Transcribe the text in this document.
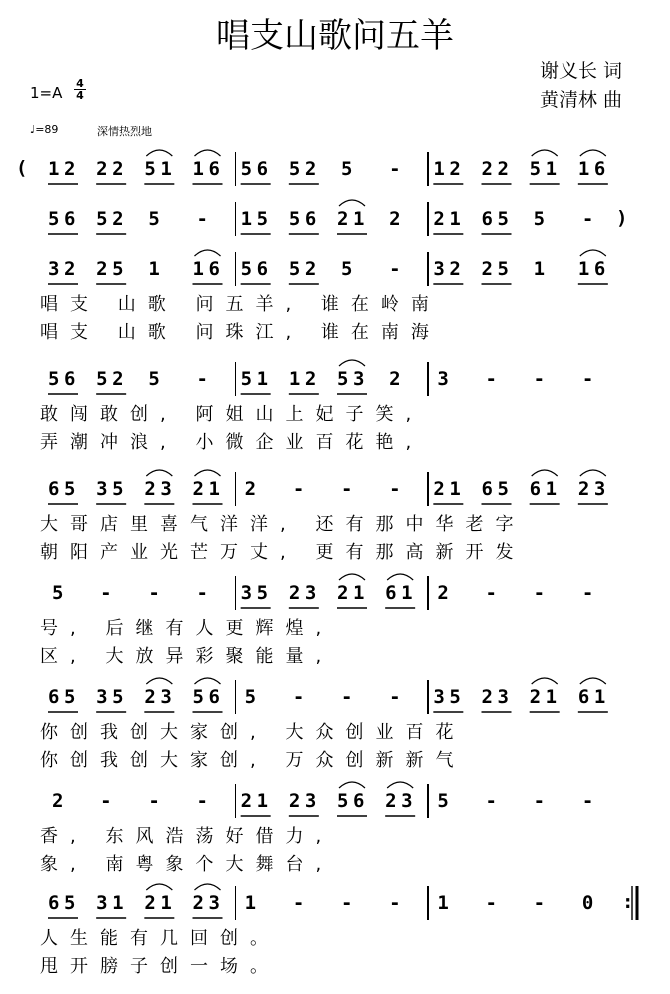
唱支山歌问五羊
谢义长 词
黄清林 曲
1=A
4
4
♩=89	深情热烈地
( 1 2 2 2 5 1 1 6 5 6 5 2 5 - 1 2 2 2 5 1 1 6
5 6 5 2 5 - 1 5 5 6 2 1 2 2 1 6 5 5 - )
3 2 2 5 1 1 6 5 6 5 2 5 - 3 2 2 5 1 1 6
唱支 山歌 问五羊, 谁在岭南
唱支 山歌 问珠江, 谁在南海
5 6 5 2 5 - 5 1 1 2 5 3 2 3 - - -
敢闯敢创, 阿姐山上妃子笑,
弄潮冲浪, 小微企业百花艳,
6 5 3 5 2 3 2 1 2 - - - 2 1 6 5 6 1 2 3
大哥店里喜气洋洋, 还有那中华老字
朝阳产业光芒万丈, 更有那高新开发
5 - - - 3 5 2 3 2 1 6 1 2 - - -
号, 后继有人更辉煌,
区, 大放异彩聚能量,
6 5 3 5 2 3 5 6 5 - - - 3 5 2 3 2 1 6 1
你创我创大家创, 大众创业百花
你创我创大家创, 万众创新新气
2 - - - 2 1 2 3 5 6 2 3 5 - - -
香, 东风浩荡好借力,
象, 南粤象个大舞台,
6 5 3 1 2 1 2 3 1 - - - 1 - - 0 :
人生能有几回创。
甩开膀子创一场。
